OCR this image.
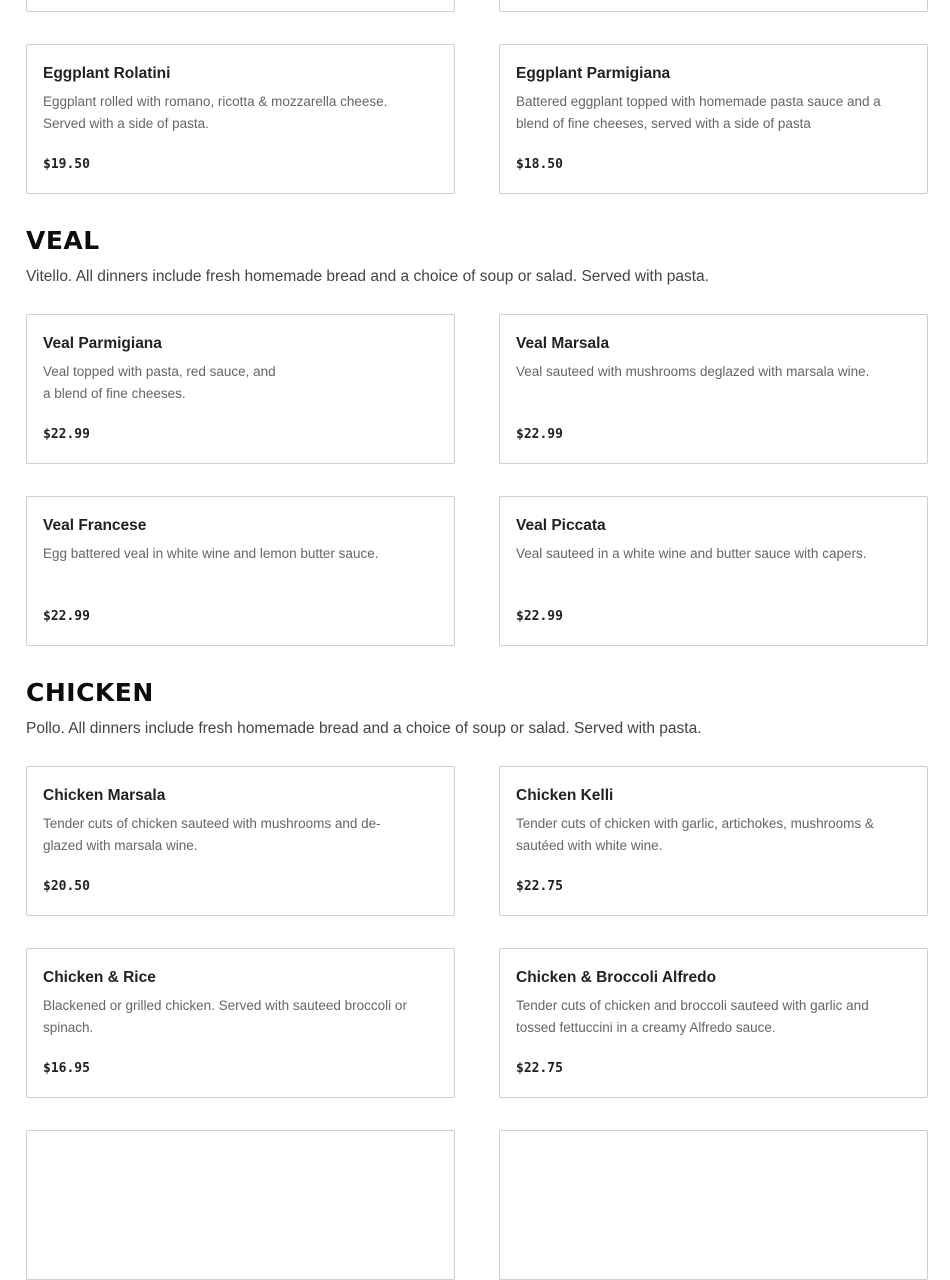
Eggplant Rolatini
Eggplant rolled with romano, ricotta & mozzarella cheese.
Served with a side of pasta.
$19.50
Eggplant Parmigiana
Battered eggplant topped with homemade pasta sauce and a
blend of fine cheeses, served with a side of pasta
$18.50
VEAL

Vitello. All dinners include fresh homemade bread and a choice of soup or salad. Served with pasta.

Veal Parmigiana
Veal topped with pasta, red sauce, and
a blend of fine cheeses.
$22.99
Veal Marsala
Veal sauteed with mushrooms deglazed with marsala wine.
$22.99
Veal Francese
Egg battered veal in white wine and lemon butter sauce.
$22.99
Veal Piccata
Veal sauteed in a white wine and butter sauce with capers.
$22.99
CHICKEN

Pollo. All dinners include fresh homemade bread and a choice of soup or salad. Served with pasta.

Chicken Marsala
Tender cuts of chicken sauteed with mushrooms and de-
glazed with marsala wine.
$20.50
Chicken Kelli
Tender cuts of chicken with garlic, artichokes, mushrooms &
sautéed with white wine.
$22.75
Chicken & Rice
Blackened or grilled chicken. Served with sauteed broccoli or
spinach.
$16.95
Chicken & Broccoli Alfredo
Tender cuts of chicken and broccoli sauteed with garlic and
tossed fettuccini in a creamy Alfredo sauce.
$22.75
